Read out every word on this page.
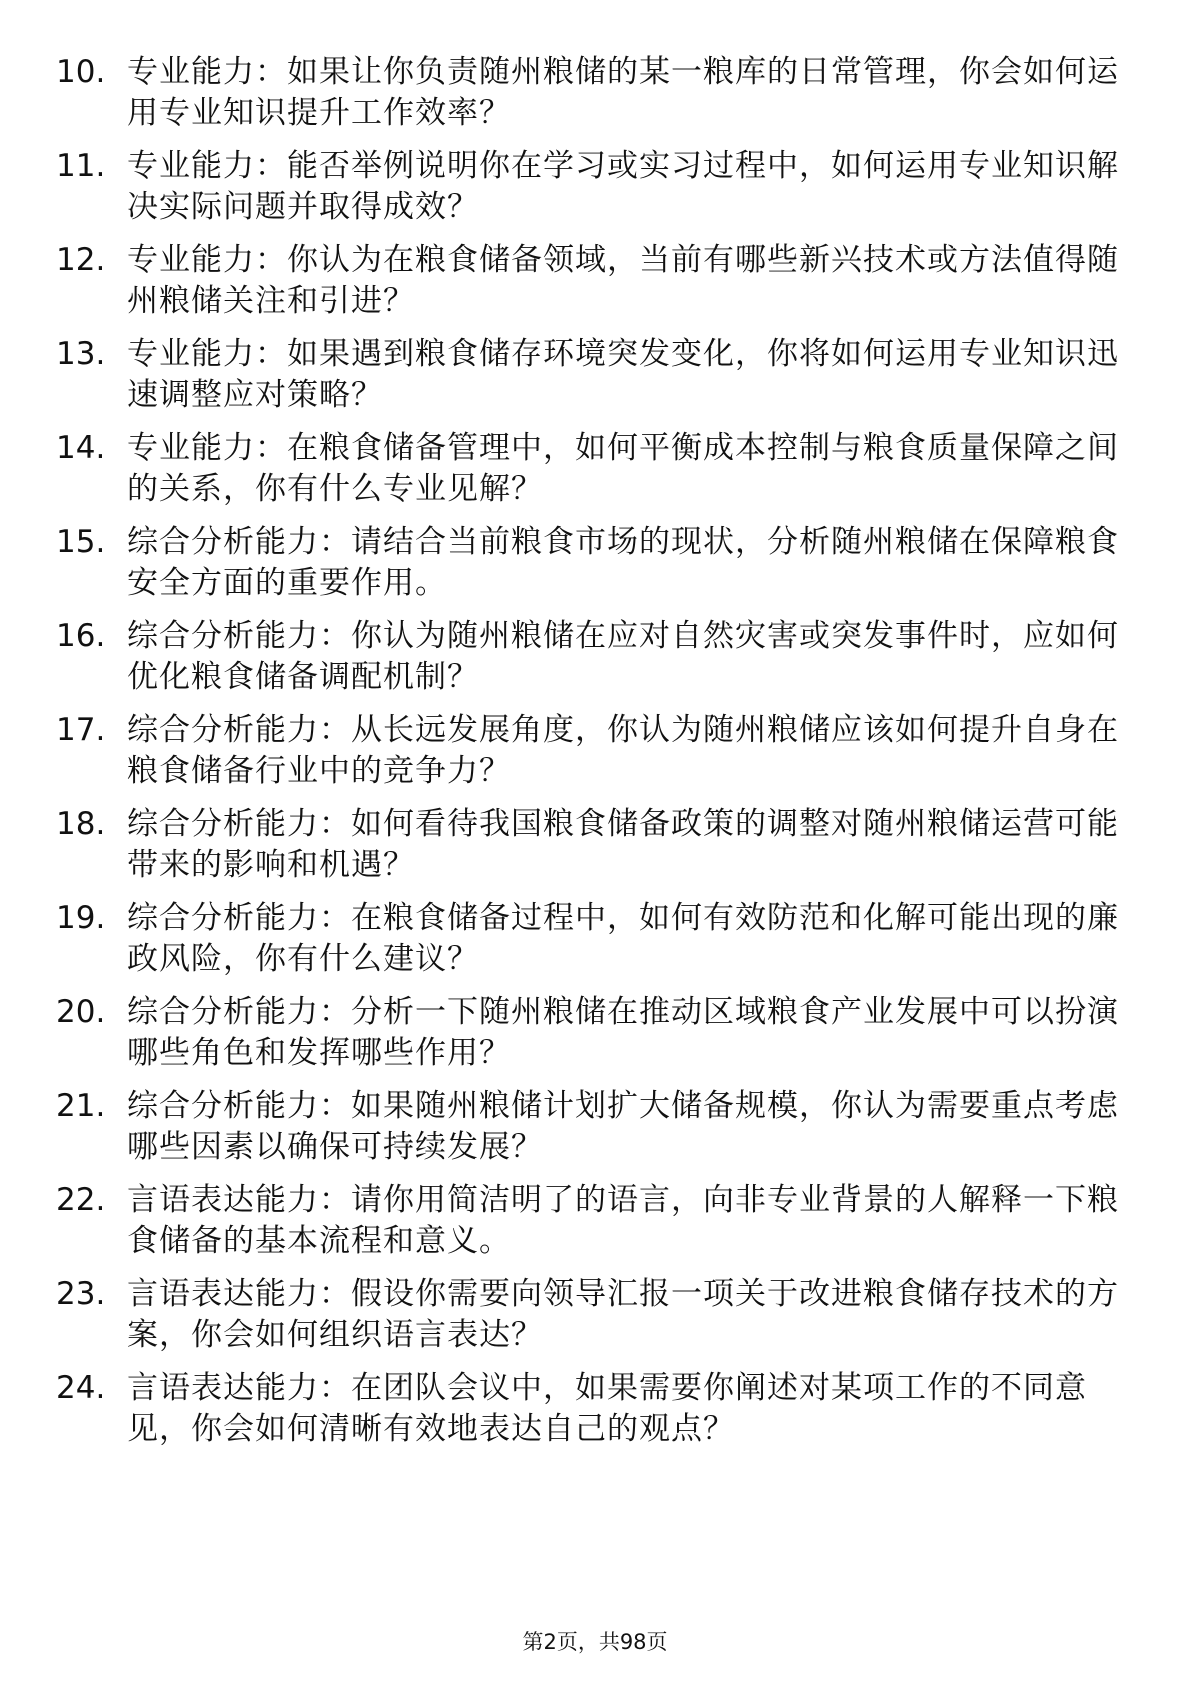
10. 专业能力：如果让你负责随州粮储的某一粮库的日常管理，你会如何运用专业知识提升工作效率？

11. 专业能力：能否举例说明你在学习或实习过程中，如何运用专业知识解决实际问题并取得成效？

12. 专业能力：你认为在粮食储备领域，当前有哪些新兴技术或方法值得随州粮储关注和引进？

13. 专业能力：如果遇到粮食储存环境突发变化，你将如何运用专业知识迅速调整应对策略？

14. 专业能力：在粮食储备管理中，如何平衡成本控制与粮食质量保障之间的关系，你有什么专业见解？

15. 综合分析能力：请结合当前粮食市场的现状，分析随州粮储在保障粮食安全方面的重要作用。

16. 综合分析能力：你认为随州粮储在应对自然灾害或突发事件时，应如何优化粮食储备调配机制？

17. 综合分析能力：从长远发展角度，你认为随州粮储应该如何提升自身在粮食储备行业中的竞争力？

18. 综合分析能力：如何看待我国粮食储备政策的调整对随州粮储运营可能带来的影响和机遇？

19. 综合分析能力：在粮食储备过程中，如何有效防范和化解可能出现的廉政风险，你有什么建议？

20. 综合分析能力：分析一下随州粮储在推动区域粮食产业发展中可以扮演哪些角色和发挥哪些作用？

21. 综合分析能力：如果随州粮储计划扩大储备规模，你认为需要重点考虑哪些因素以确保可持续发展？

22. 言语表达能力：请你用简洁明了的语言，向非专业背景的人解释一下粮食储备的基本流程和意义。

23. 言语表达能力：假设你需要向领导汇报一项关于改进粮食储存技术的方案，你会如何组织语言表达？

24. 言语表达能力：在团队会议中，如果需要你阐述对某项工作的不同意见，你会如何清晰有效地表达自己的观点？

第2页，共98页
